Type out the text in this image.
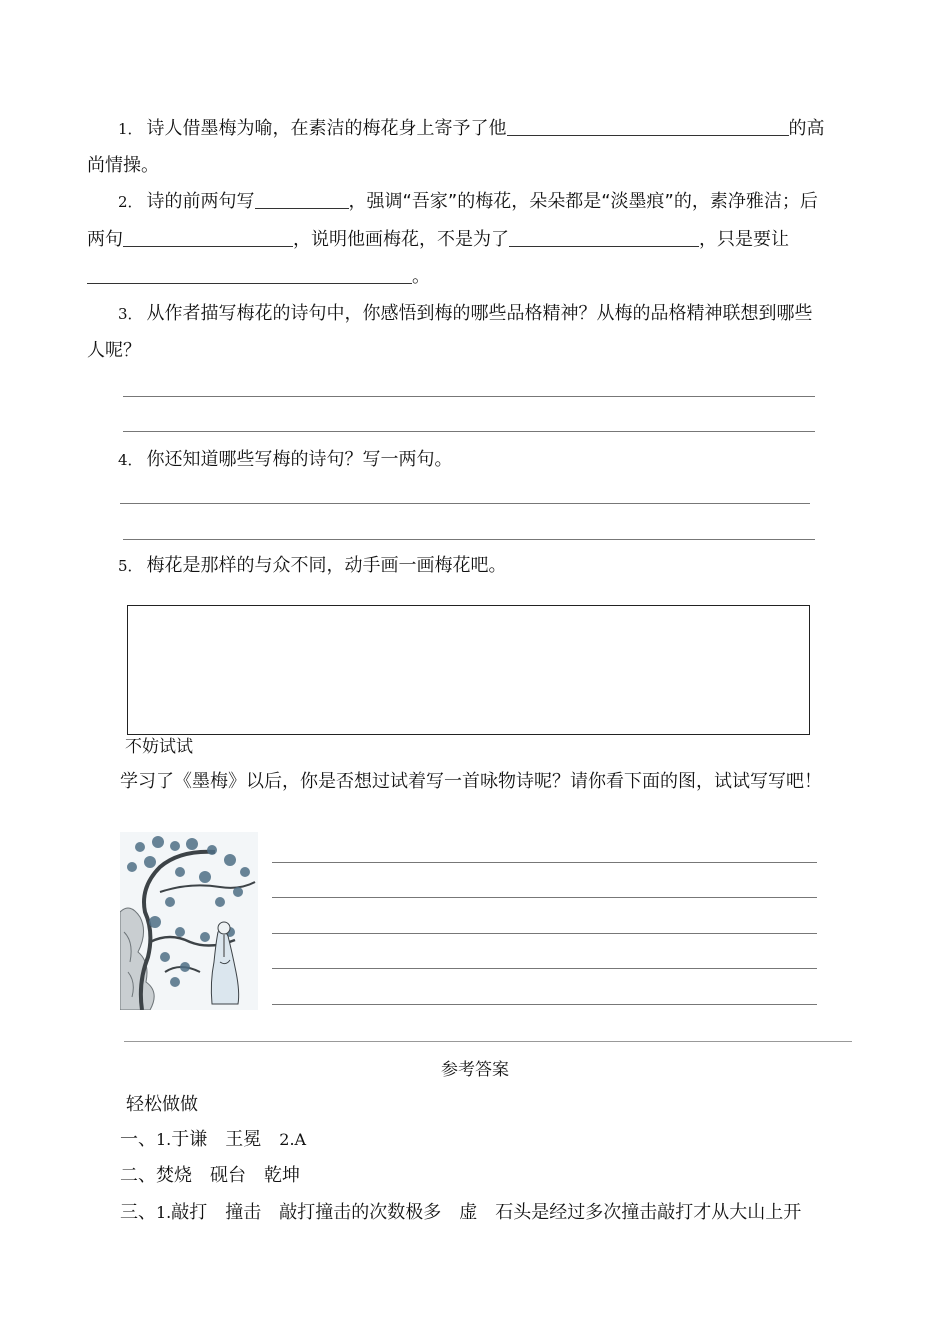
1． 诗人借墨梅为喻，在素洁的梅花身上寄予了他	的高
尚情操。
2． 诗的前两句写	，强调“吾家”的梅花，朵朵都是“淡墨痕”的，素净雅洁；后
两句	，说明他画梅花，不是为了	，只是要让
。
3． 从作者描写梅花的诗句中，你感悟到梅的哪些品格精神？从梅的品格精神联想到哪些
人呢？
4． 你还知道哪些写梅的诗句？写一两句。
5． 梅花是那样的与众不同，动手画一画梅花吧。
不妨试试
学习了《墨梅》以后，你是否想过试着写一首咏物诗呢？请你看下面的图，试试写写吧！
参考答案
轻松做做
一、1.于谦　王冕　2.A
二、焚烧　砚台　乾坤
三、1.敲打　撞击　敲打撞击的次数极多　虚　石头是经过多次撞击敲打才从大山上开
